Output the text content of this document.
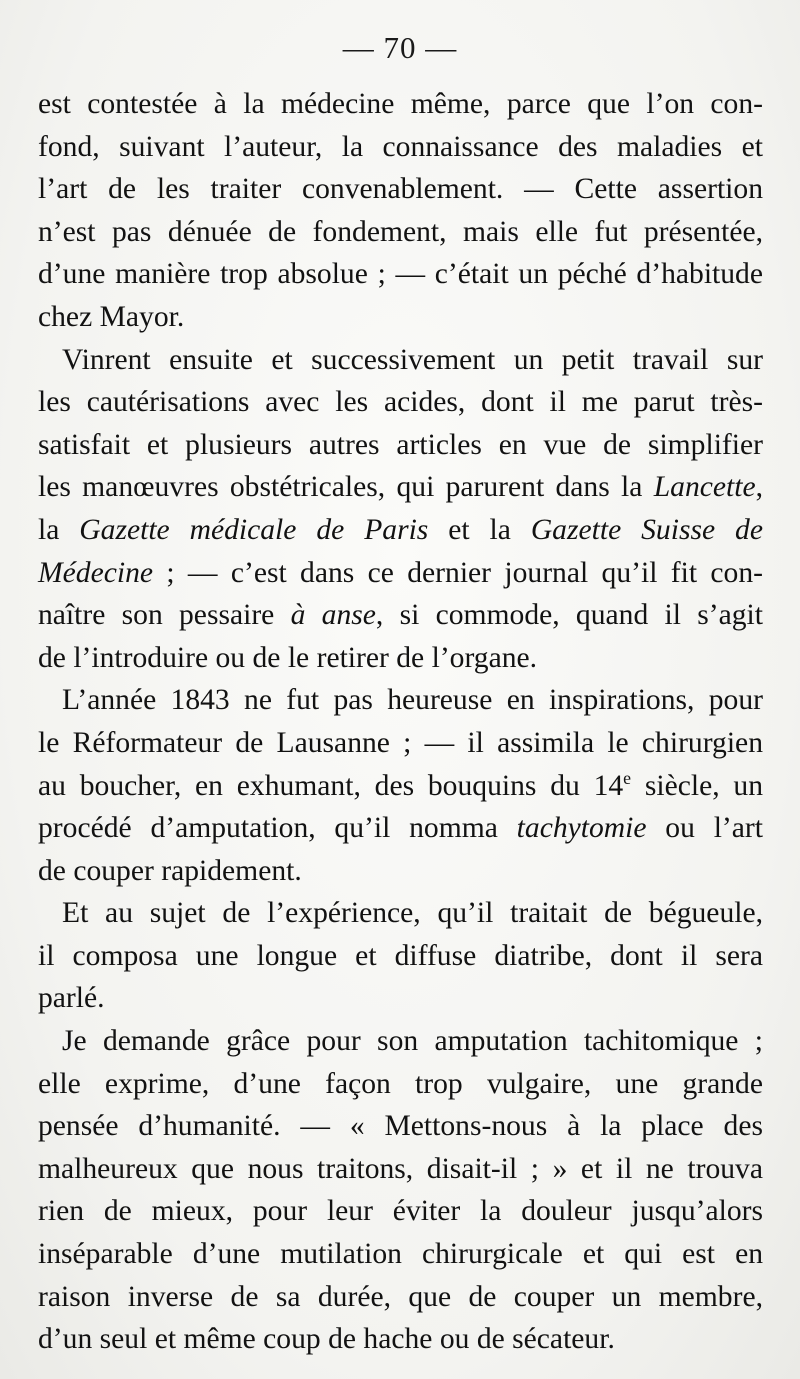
— 70 —
est contestée à la médecine même, parce que l’on con-
fond, suivant l’auteur, la connaissance des maladies et
l’art de les traiter convenablement. — Cette assertion
n’est pas dénuée de fondement, mais elle fut présentée,
d’une manière trop absolue ; — c’était un péché d’habitude
chez Mayor.
Vinrent ensuite et successivement un petit travail sur
les cautérisations avec les acides, dont il me parut très-
satisfait et plusieurs autres articles en vue de simplifier
les manœuvres obstétricales, qui parurent dans la Lancette,
la Gazette médicale de Paris et la Gazette Suisse de
Médecine ; — c’est dans ce dernier journal qu’il fit con-
naître son pessaire à anse, si commode, quand il s’agit
de l’introduire ou de le retirer de l’organe.
L’année 1843 ne fut pas heureuse en inspirations, pour
le Réformateur de Lausanne ; — il assimila le chirurgien
au boucher, en exhumant, des bouquins du 14e siècle, un
procédé d’amputation, qu’il nomma tachytomie ou l’art
de couper rapidement.
Et au sujet de l’expérience, qu’il traitait de bégueule,
il composa une longue et diffuse diatribe, dont il sera
parlé.
Je demande grâce pour son amputation tachitomique ;
elle exprime, d’une façon trop vulgaire, une grande
pensée d’humanité. — « Mettons-nous à la place des
malheureux que nous traitons, disait-il ; » et il ne trouva
rien de mieux, pour leur éviter la douleur jusqu’alors
inséparable d’une mutilation chirurgicale et qui est en
raison inverse de sa durée, que de couper un membre,
d’un seul et même coup de hache ou de sécateur.
